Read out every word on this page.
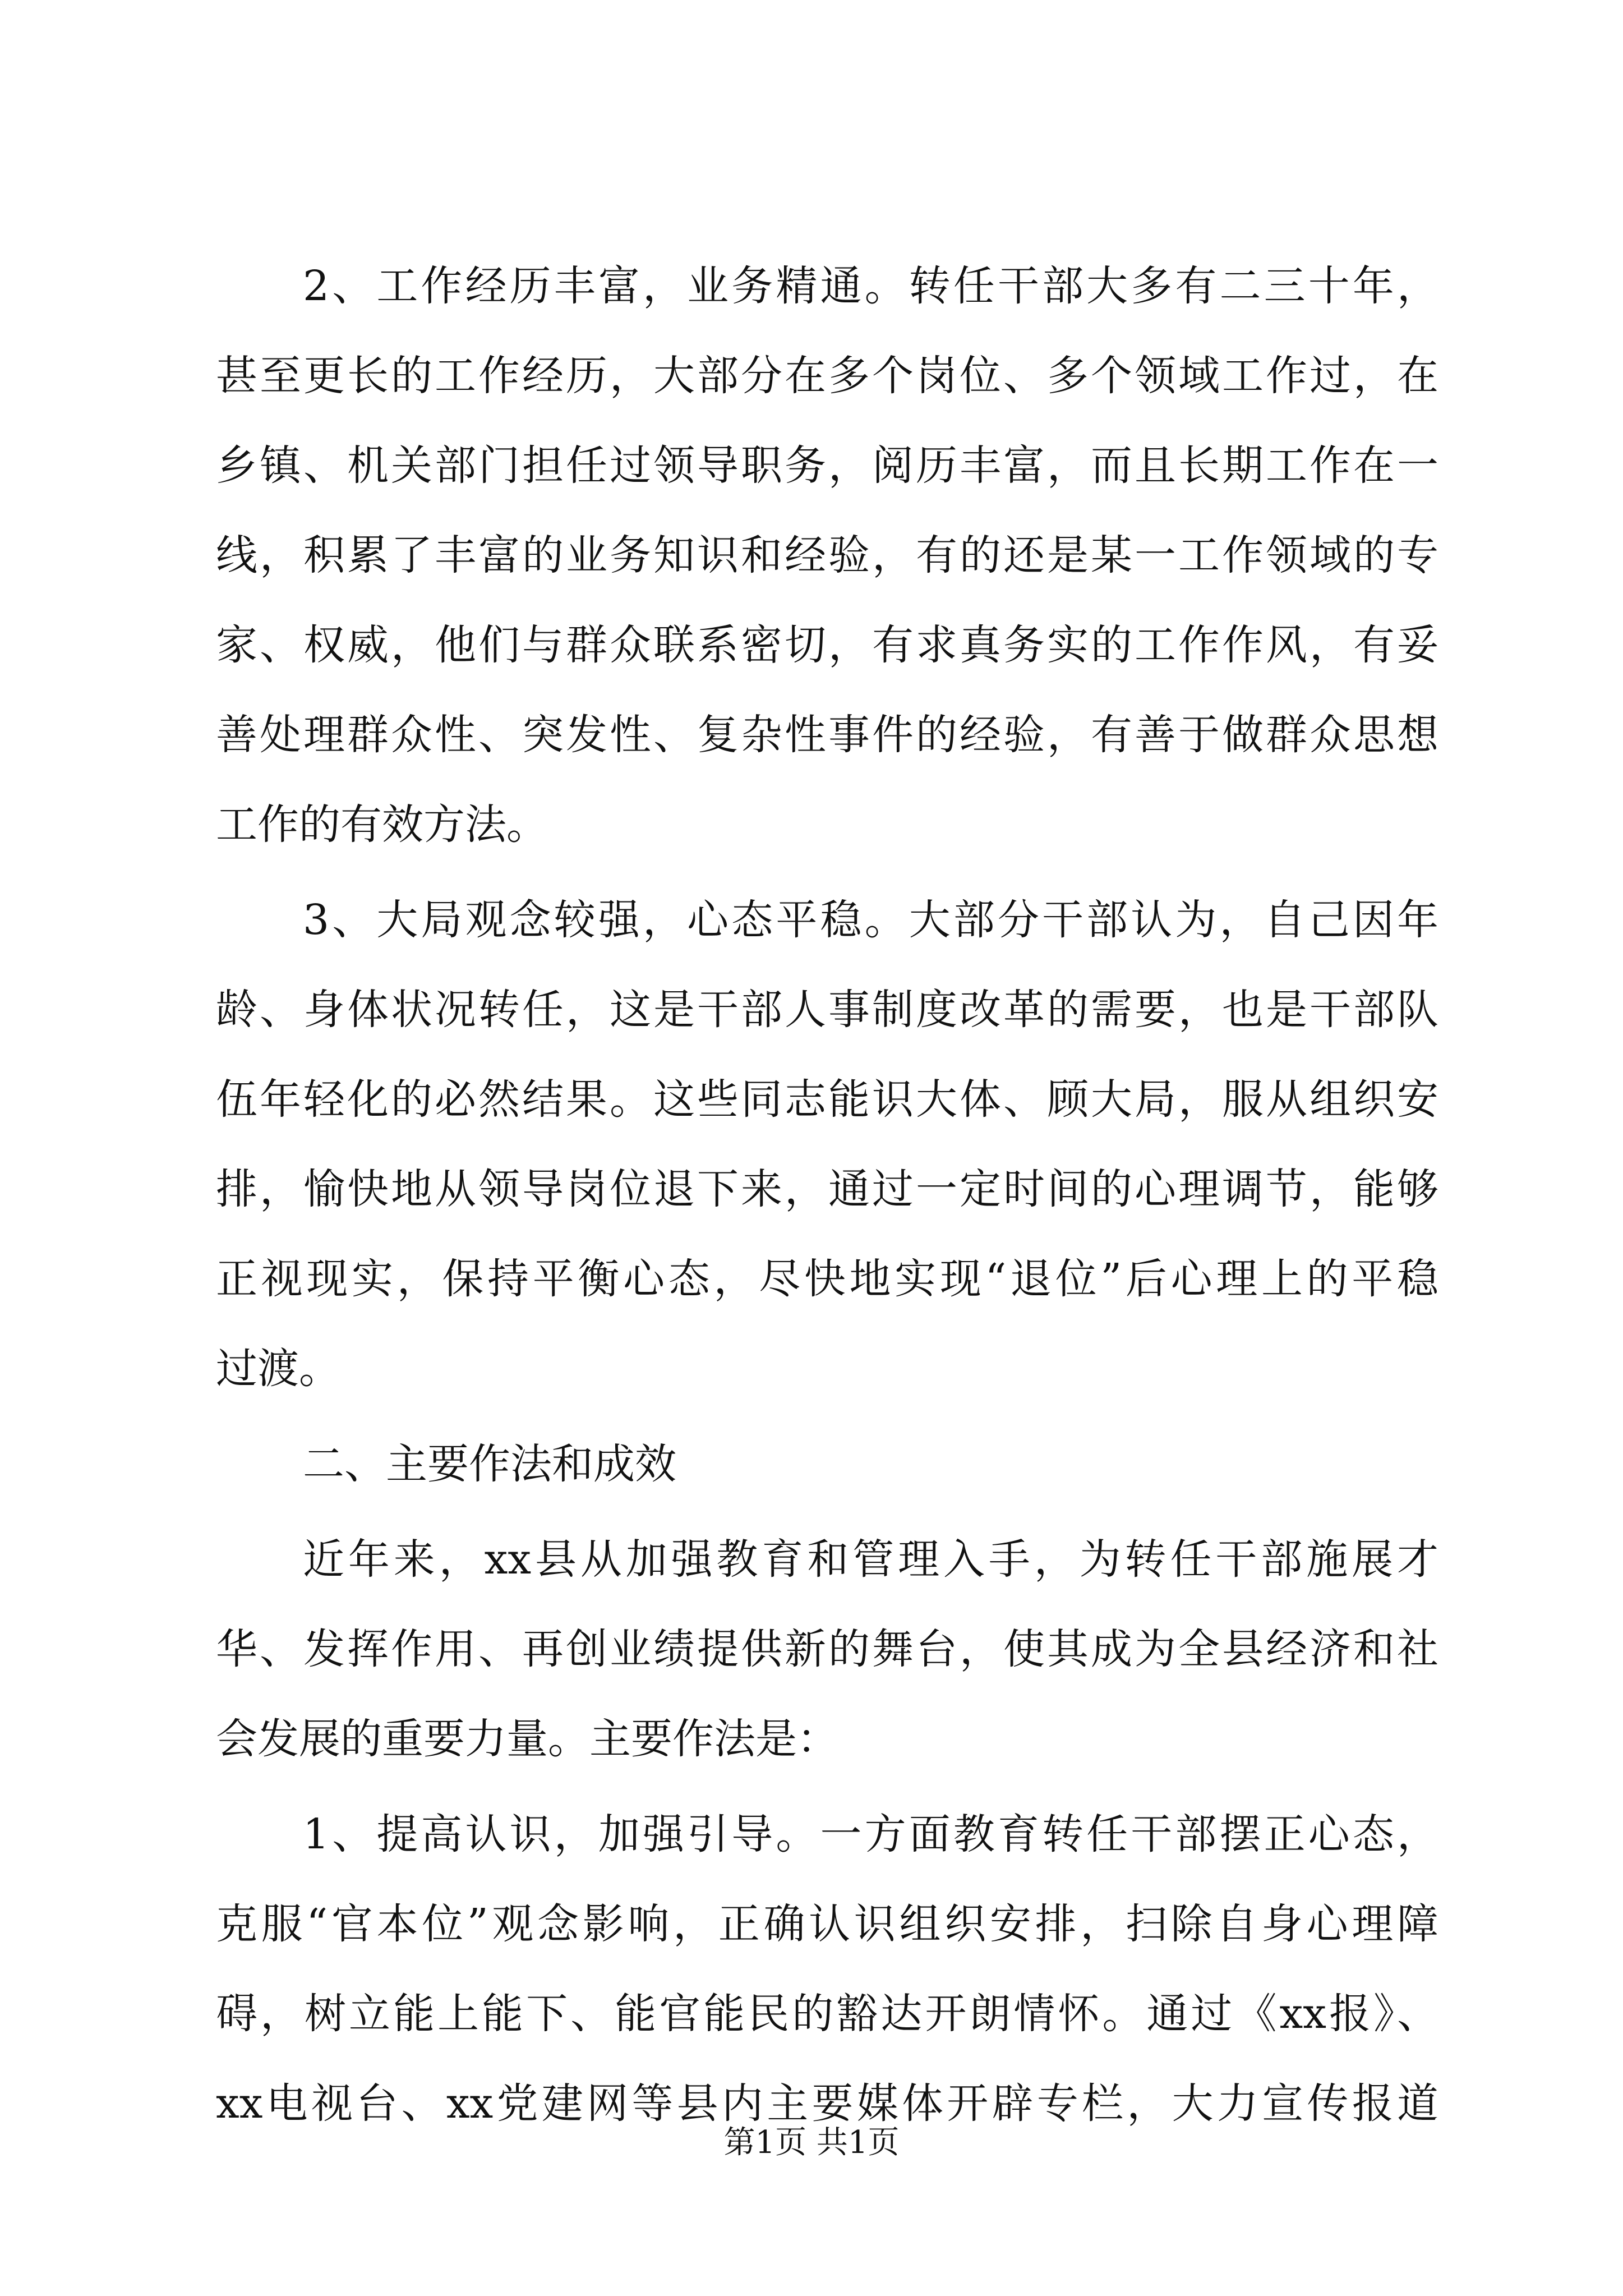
2、工作经历丰富，业务精通。转任干部大多有二三十年，
甚至更长的工作经历，大部分在多个岗位、多个领域工作过，在
乡镇、机关部门担任过领导职务，阅历丰富，而且长期工作在一
线，积累了丰富的业务知识和经验，有的还是某一工作领域的专
家、权威，他们与群众联系密切，有求真务实的工作作风，有妥
善处理群众性、突发性、复杂性事件的经验，有善于做群众思想
工作的有效方法。
3、大局观念较强，心态平稳。大部分干部认为，自己因年
龄、身体状况转任，这是干部人事制度改革的需要，也是干部队
伍年轻化的必然结果。这些同志能识大体、顾大局，服从组织安
排，愉快地从领导岗位退下来，通过一定时间的心理调节，能够
正视现实，保持平衡心态，尽快地实现“退位”后心理上的平稳
过渡。
二、主要作法和成效
近年来，xx县从加强教育和管理入手，为转任干部施展才
华、发挥作用、再创业绩提供新的舞台，使其成为全县经济和社
会发展的重要力量。主要作法是：
1、提高认识，加强引导。一方面教育转任干部摆正心态，
克服“官本位”观念影响，正确认识组织安排，扫除自身心理障
碍，树立能上能下、能官能民的豁达开朗情怀。通过《xx报》、
xx电视台、xx党建网等县内主要媒体开辟专栏，大力宣传报道
第1页 共1页
